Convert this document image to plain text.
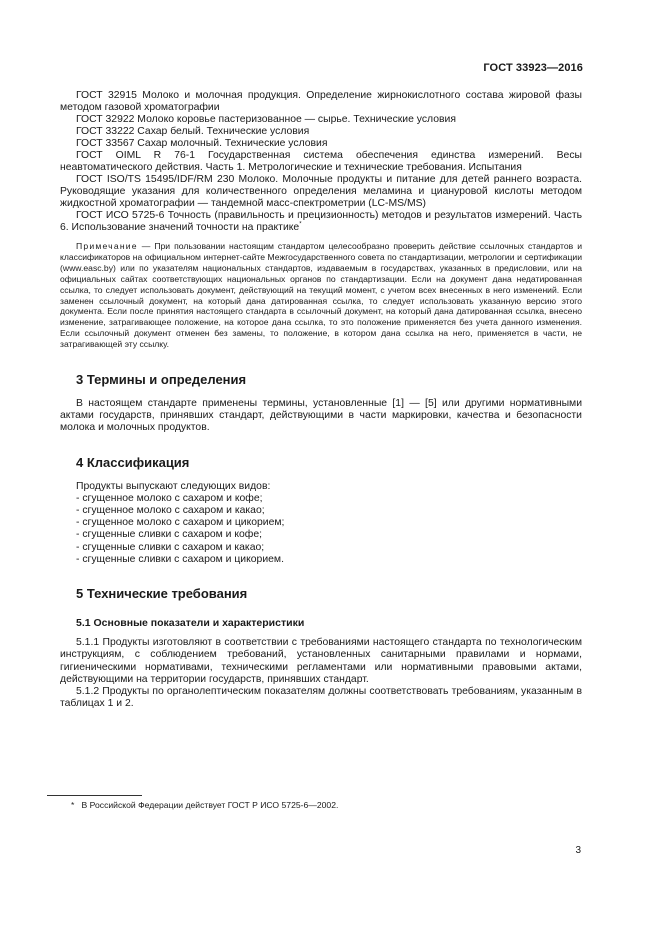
ГОСТ 33923—2016

ГОСТ 32915 Молоко и молочная продукция. Определение жирнокислотного состава жировой фазы методом газовой хроматографии

ГОСТ 32922 Молоко коровье пастеризованное — сырье. Технические условия

ГОСТ 33222 Сахар белый. Технические условия

ГОСТ 33567 Сахар молочный. Технические условия

ГОСТ OIML R 76-1 Государственная система обеспечения единства измерений. Весы неавтоматического действия. Часть 1. Метрологические и технические требования. Испытания

ГОСТ ISO/TS 15495/IDF/RM 230 Молоко. Молочные продукты и питание для детей раннего возраста. Руководящие указания для количественного определения меламина и циануровой кислоты методом жидкостной хроматографии — тандемной масс-спектрометрии (LC-MS/MS)

ГОСТ ИСО 5725-6 Точность (правильность и прецизионность) методов и результатов измерений. Часть 6. Использование значений точности на практике*

Примечание — При пользовании настоящим стандартом целесообразно проверить действие ссылочных стандартов и классификаторов на официальном интернет-сайте Межгосударственного совета по стандартизации, метрологии и сертификации (www.easc.by) или по указателям национальных стандартов, издаваемым в государствах, указанных в предисловии, или на официальных сайтах соответствующих национальных органов по стандартизации. Если на документ дана недатированная ссылка, то следует использовать документ, действующий на текущий момент, с учетом всех внесенных в него изменений. Если заменен ссылочный документ, на который дана датированная ссылка, то следует использовать указанную версию этого документа. Если после принятия настоящего стандарта в ссылочный документ, на который дана датированная ссылка, внесено изменение, затрагивающее положение, на которое дана ссылка, то это положение применяется без учета данного изменения. Если ссылочный документ отменен без замены, то положение, в котором дана ссылка на него, применяется в части, не затрагивающей эту ссылку.
3 Термины и определения

В настоящем стандарте применены термины, установленные [1] — [5] или другими нормативными актами государств, принявших стандарт, действующими в части маркировки, качества и безопасности молока и молочных продуктов.

4 Классификация

Продукты выпускают следующих видов:

- сгущенное молоко с сахаром и кофе;
- сгущенное молоко с сахаром и какао;
- сгущенное молоко с сахаром и цикорием;
- сгущенные сливки с сахаром и кофе;
- сгущенные сливки с сахаром и какао;
- сгущенные сливки с сахаром и цикорием.
5 Технические требования
5.1 Основные показатели и характеристики

5.1.1 Продукты изготовляют в соответствии с требованиями настоящего стандарта по технологическим инструкциям, с соблюдением требований, установленных санитарными правилами и нормами, гигиеническими нормативами, техническими регламентами или нормативными правовыми актами, действующими на территории государств, принявших стандарт.

5.1.2 Продукты по органолептическим показателям должны соответствовать требованиям, указанным в таблицах 1 и 2.

* В Российской Федерации действует ГОСТ Р ИСО 5725-6—2002.
3
